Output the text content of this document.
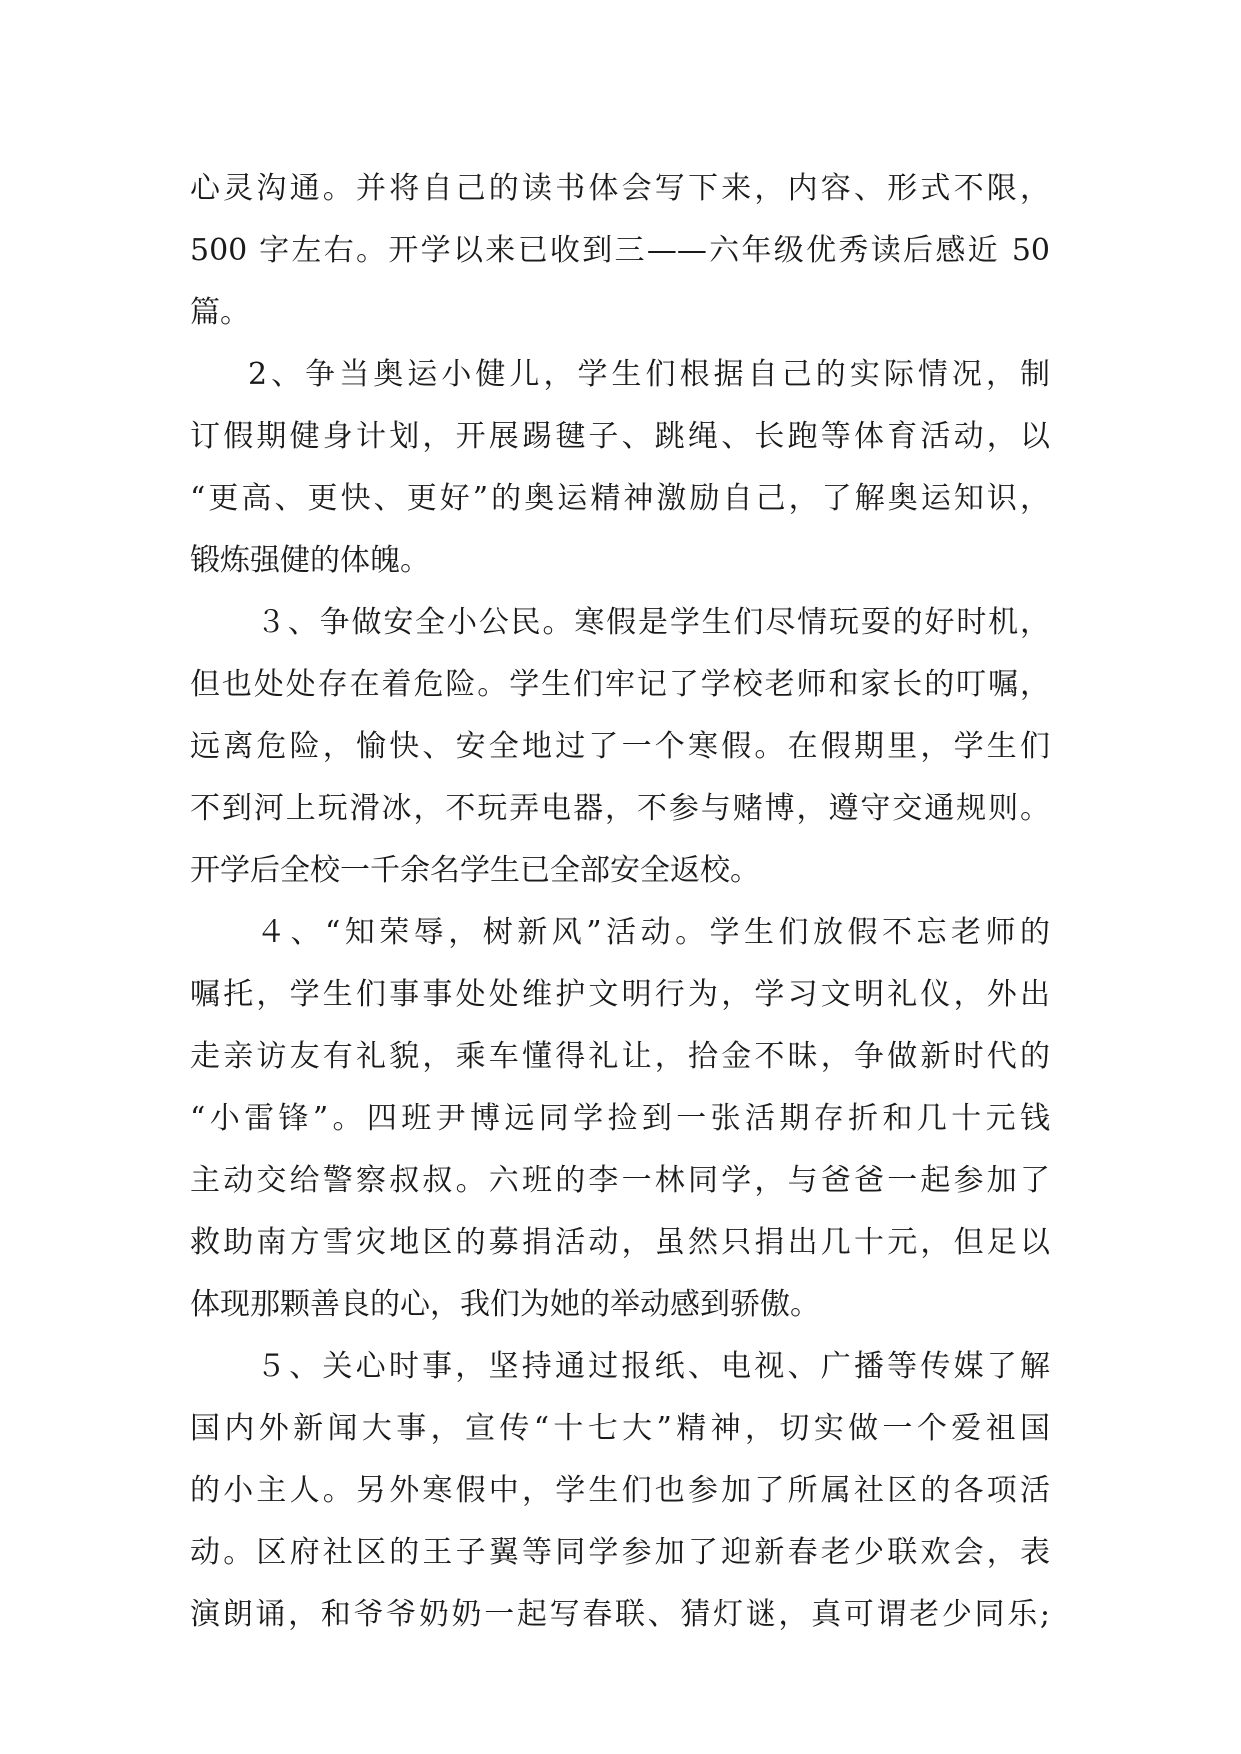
心灵沟通。并将自己的读书体会写下来，内容、形式不限，
500 字左右。开学以来已收到三——六年级优秀读后感近 50
篇。
2、争当奥运小健儿，学生们根据自己的实际情况，制
订假期健身计划，开展踢毽子、跳绳、长跑等体育活动，以
“更高、更快、更好”的奥运精神激励自己，了解奥运知识，
锻炼强健的体魄。
３、争做安全小公民。寒假是学生们尽情玩耍的好时机，
但也处处存在着危险。学生们牢记了学校老师和家长的叮嘱，
远离危险，愉快、安全地过了一个寒假。在假期里，学生们
不到河上玩滑冰，不玩弄电器，不参与赌博，遵守交通规则。
开学后全校一千余名学生已全部安全返校。
４、“知荣辱，树新风”活动。学生们放假不忘老师的
嘱托，学生们事事处处维护文明行为，学习文明礼仪，外出
走亲访友有礼貌，乘车懂得礼让，拾金不昧，争做新时代的
“小雷锋”。四班尹博远同学捡到一张活期存折和几十元钱
主动交给警察叔叔。六班的李一林同学，与爸爸一起参加了
救助南方雪灾地区的募捐活动，虽然只捐出几十元，但足以
体现那颗善良的心，我们为她的举动感到骄傲。
５、关心时事，坚持通过报纸、电视、广播等传媒了解
国内外新闻大事，宣传“十七大”精神，切实做一个爱祖国
的小主人。另外寒假中，学生们也参加了所属社区的各项活
动。区府社区的王子翼等同学参加了迎新春老少联欢会，表
演朗诵，和爷爷奶奶一起写春联、猜灯谜，真可谓老少同乐;
